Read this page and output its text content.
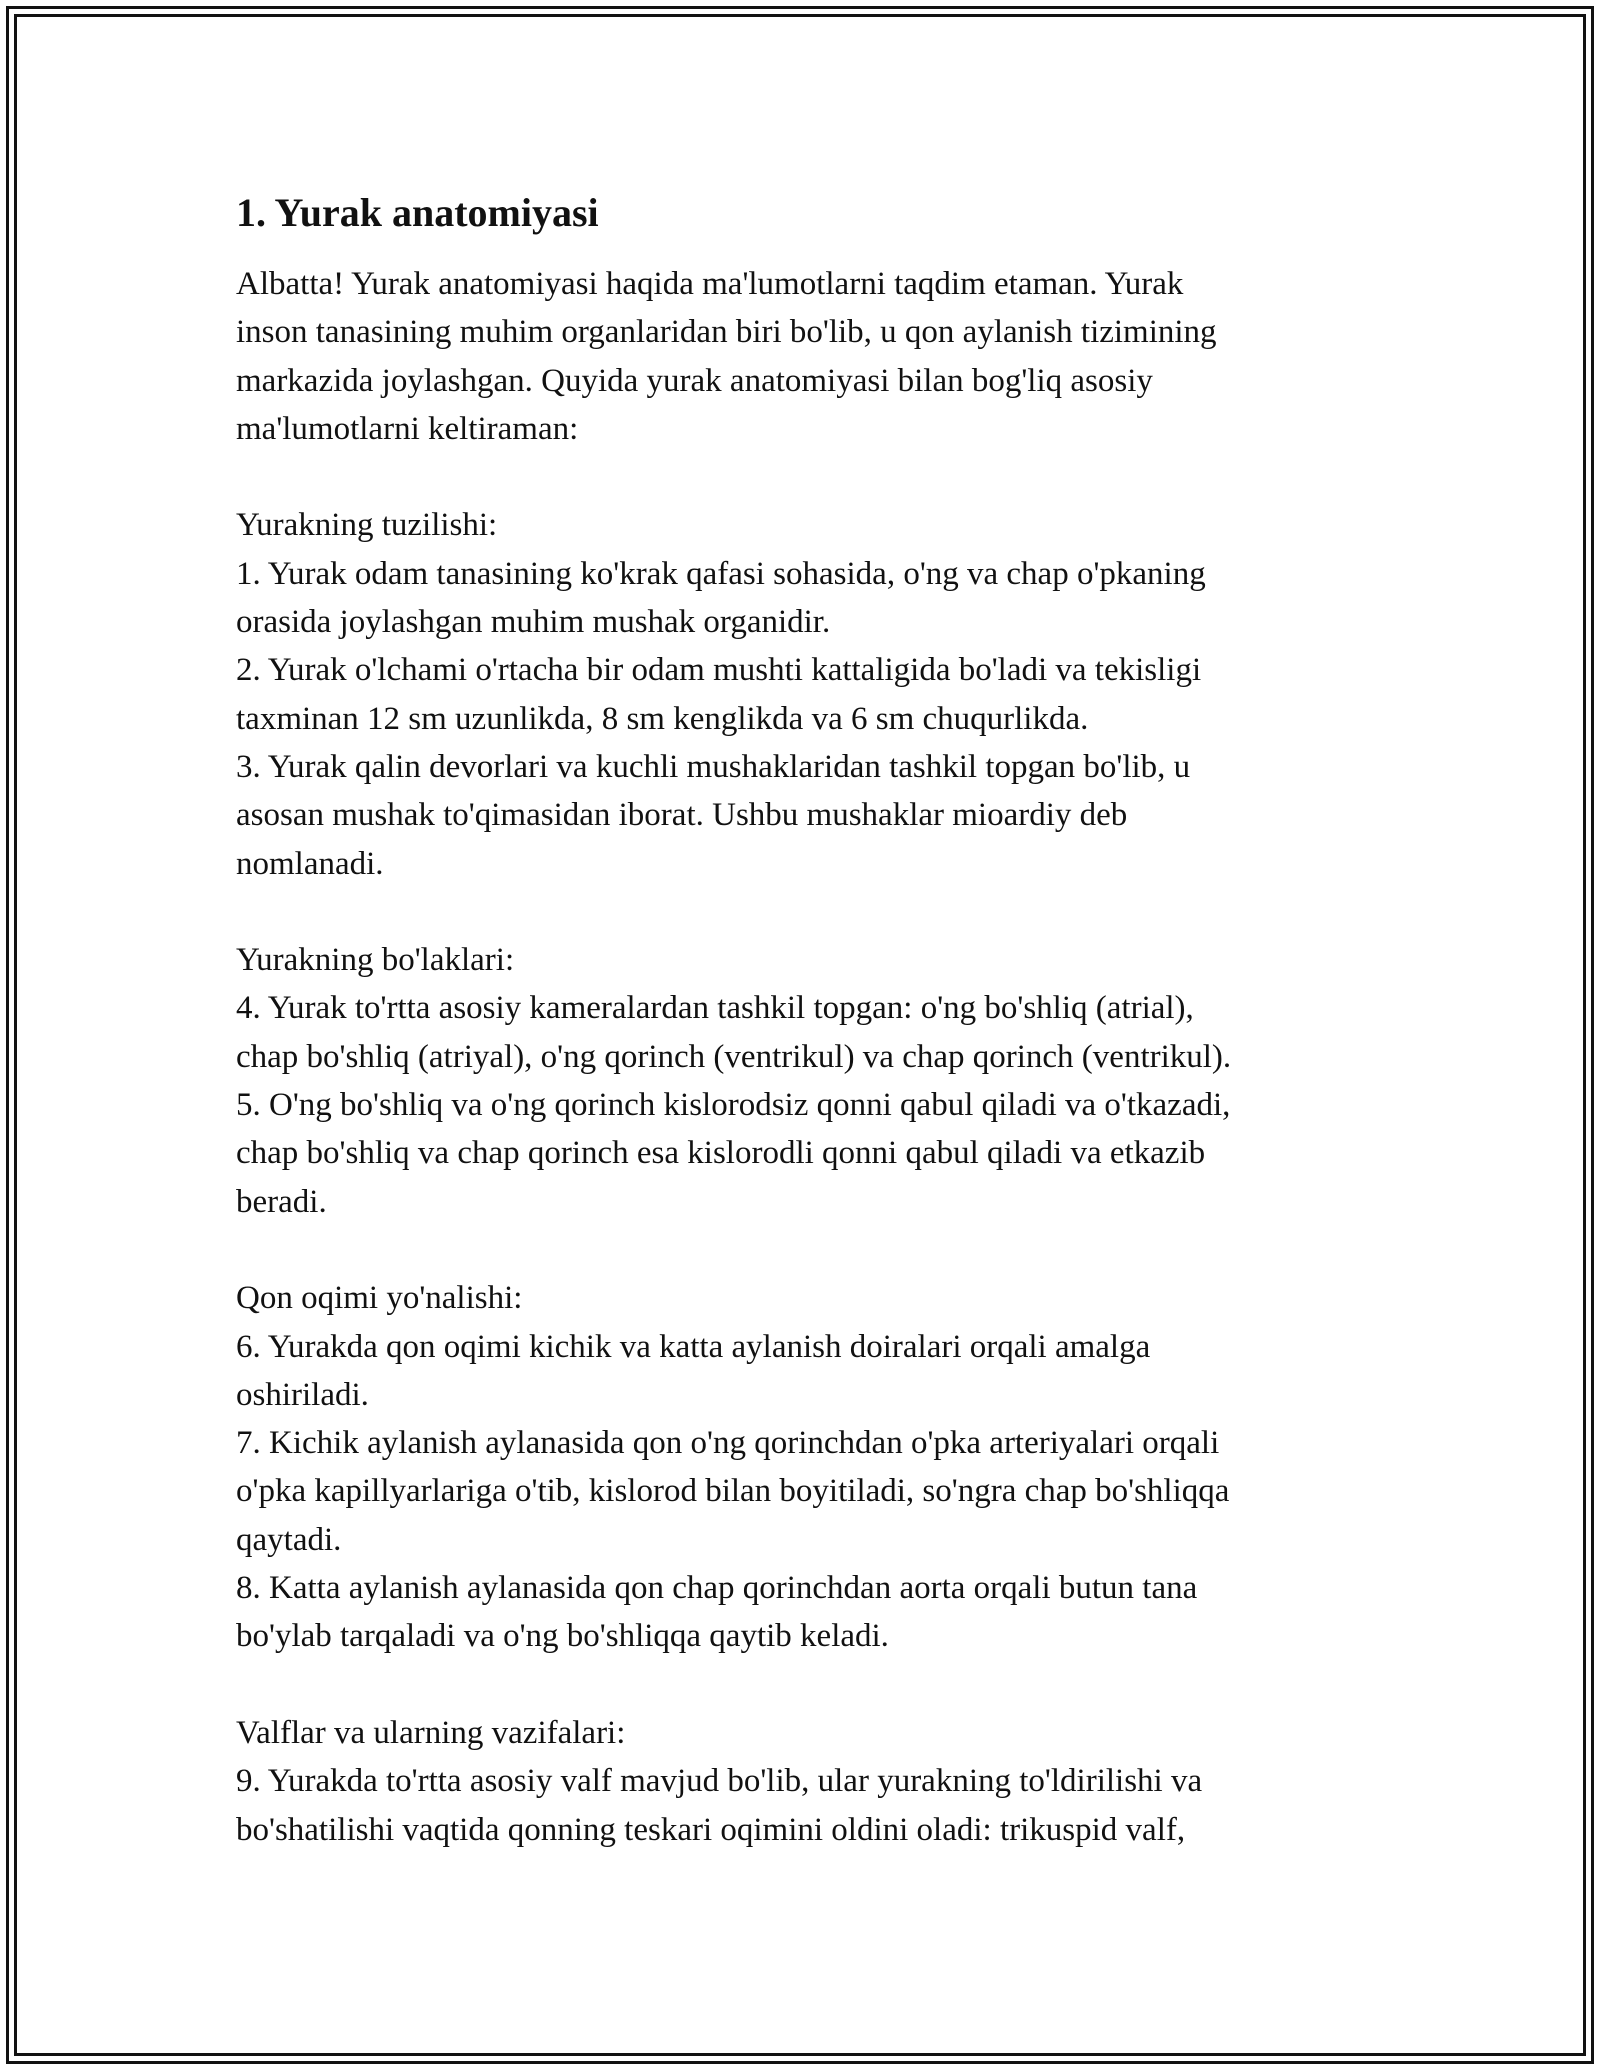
1. Yurak anatomiyasi
Albatta! Yurak anatomiyasi haqida ma'lumotlarni taqdim etaman. Yurak
inson tanasining muhim organlaridan biri bo'lib, u qon aylanish tizimining
markazida joylashgan. Quyida yurak anatomiyasi bilan bog'liq asosiy
ma'lumotlarni keltiraman:
Yurakning tuzilishi:
1. Yurak odam tanasining ko'krak qafasi sohasida, o'ng va chap o'pkaning
orasida joylashgan muhim mushak organidir.
2. Yurak o'lchami o'rtacha bir odam mushti kattaligida bo'ladi va tekisligi
taxminan 12 sm uzunlikda, 8 sm kenglikda va 6 sm chuqurlikda.
3. Yurak qalin devorlari va kuchli mushaklaridan tashkil topgan bo'lib, u
asosan mushak to'qimasidan iborat. Ushbu mushaklar mioardiy deb
nomlanadi.
Yurakning bo'laklari:
4. Yurak to'rtta asosiy kameralardan tashkil topgan: o'ng bo'shliq (atrial),
chap bo'shliq (atriyal), o'ng qorinch (ventrikul) va chap qorinch (ventrikul).
5. O'ng bo'shliq va o'ng qorinch kislorodsiz qonni qabul qiladi va o'tkazadi,
chap bo'shliq va chap qorinch esa kislorodli qonni qabul qiladi va etkazib
beradi.
Qon oqimi yo'nalishi:
6. Yurakda qon oqimi kichik va katta aylanish doiralari orqali amalga
oshiriladi.
7. Kichik aylanish aylanasida qon o'ng qorinchdan o'pka arteriyalari orqali
o'pka kapillyarlariga o'tib, kislorod bilan boyitiladi, so'ngra chap bo'shliqqa
qaytadi.
8. Katta aylanish aylanasida qon chap qorinchdan aorta orqali butun tana
bo'ylab tarqaladi va o'ng bo'shliqqa qaytib keladi.
Valflar va ularning vazifalari:
9. Yurakda to'rtta asosiy valf mavjud bo'lib, ular yurakning to'ldirilishi va
bo'shatilishi vaqtida qonning teskari oqimini oldini oladi: trikuspid valf,
